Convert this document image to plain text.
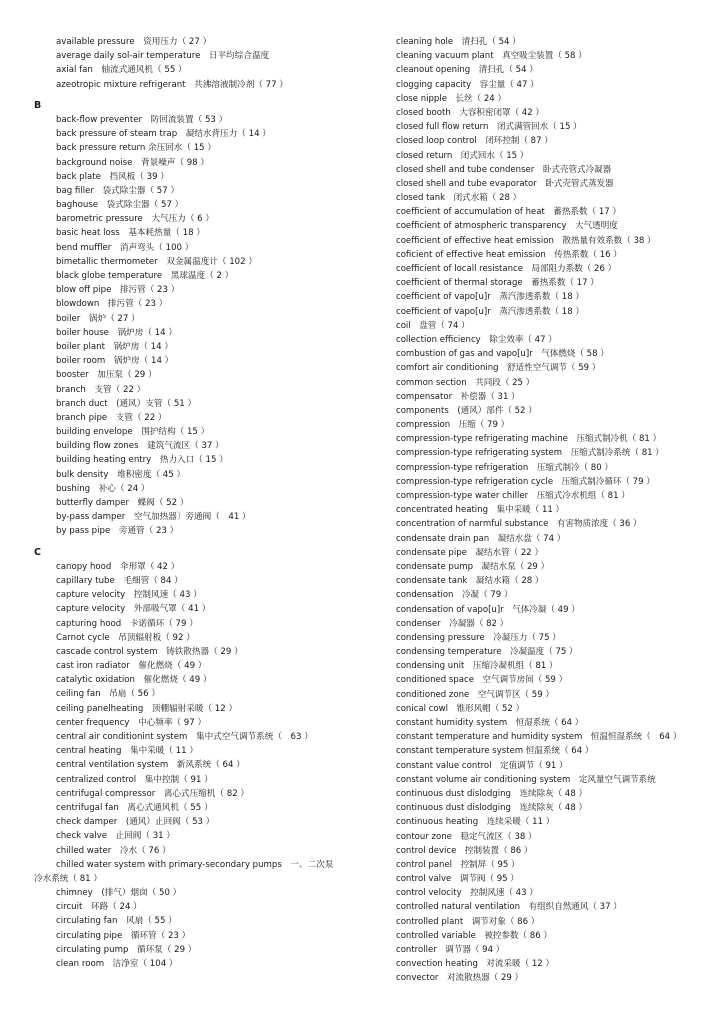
available pressure　资用压力（ 27 ）
average daily sol-air temperature　日平均综合温度
axial fan　轴流式通风机（ 55 ）
azeotropic mixture refrigerant　共沸溶液制冷剂（ 77 ）
B
back-flow preventer　防回流装置（ 53 ）
back pressure of steam trap　凝结水背压力（ 14 ）
back pressure return 余压回水（ 15 ）
background noise　背景噪声（ 98 ）
back plate　挡风板（ 39 ）
bag filler　袋式除尘器（ 57 ）
baghouse　袋式除尘器（ 57 ）
barometric pressure　大气压力（ 6 ）
basic heat loss　基本耗热量（ 18 ）
bend muffler　消声弯头（ 100 ）
bimetallic thermometer　双金属温度计（ 102 ）
black globe temperature　黑球温度（ 2 ）
blow off pipe　排污管（ 23 ）
blowdown　排污管（ 23 ）
boiler　锅炉（ 27 ）
boiler house　锅炉房（ 14 ）
boiler plant　锅炉房（ 14 ）
boiler room　锅炉房（ 14 ）
booster　加压泵（ 29 ）
branch　支管（ 22 ）
branch duct　(通风）支管（ 51 ）
branch pipe　支管（ 22 ）
building envelope　围护结构（ 15 ）
building flow zones　建筑气流区（ 37 ）
building heating entry　热力入口（ 15 ）
bulk density　堆积密度（ 45 ）
bushing　补心（ 24 ）
butterfly damper　蝶阀（ 52 ）
by-pass damper　空气加热器〕旁通阀（　41 ）
by pass pipe　旁通管（ 23 ）
C
canopy hood　伞形罩（ 42 ）
capillary tube　毛细管（ 84 ）
capture velocity　控制风速（ 43 ）
capture velocity　外部吸气罩（ 41 ）
capturing hood　卡诺循环（ 79 ）
Carnot cycle　吊顶辐射板（ 92 ）
cascade control system　铸铁散热器（ 29 ）
cast iron radiator　催化燃烧（ 49 ）
catalytic oxidation　催化燃烧（ 49 ）
ceiling fan　吊扇（ 56 ）
ceiling panelheating　顶棚辐射采暖（ 12 ）
center frequency　中心频率（ 97 ）
central air conditionint system　集中式空气调节系统（　63 ）
central heating　集中采暖（ 11 ）
central ventilation system　新风系统（ 64 ）
centralized control　集中控制（ 91 ）
centrifugal compressor　离心式压缩机（ 82 ）
centrifugal fan　离心式通风机（ 55 ）
check damper　(通风）止回阀（ 53 ）
check valve　止回阀（ 31 ）
chilled water　冷水（ 76 ）
chilled water system with primary-secondary pumps　一、二次泵
冷水系统（ 81 ）
chimney　(排气）烟囱（ 50 ）
circuit　环路（ 24 ）
circulating fan　风扇（ 55 ）
circulating pipe　循环管（ 23 ）
circulating pump　循环泵（ 29 ）
clean room　洁净室（ 104 ）
cleaning hole　清扫孔（ 54 ）
cleaning vacuum plant　真空吸尘装置（ 58 ）
cleanout opening　清扫孔（ 54 ）
clogging capacity　容尘量（ 47 ）
close nipple　长丝（ 24 ）
closed booth　大容积密闭罩（ 42 ）
closed full flow return　闭式满管回水（ 15 ）
closed loop control　闭环控制（ 87 ）
closed return　闭式回水（ 15 ）
closed shell and tube condenser　卧式壳管式冷凝器
closed shell and tube evaporator　卧式壳管式蒸发器
closed tank　闭式水箱（ 28 ）
coefficient of accumulation of heat　蓄热系数（ 17 ）
coefficient of atmospheric transparency　大气透明度
coefficient of effective heat emission　散热量有效系数（ 38 ）
coficient of effective heat emission　传热系数（ 16 ）
coefficient of locall resistance　局部阻力系数（ 26 ）
coefficient of thermal storage　蓄热系数（ 17 ）
coefficient of vapo[u]r　蒸汽渗透系数（ 18 ）
coefficient of vapo[u]r　蒸汽渗透系数（ 18 ）
coil　盘管（ 74 ）
collection efficiency　除尘效率（ 47 ）
combustion of gas and vapo[u]r　气体燃烧（ 58 ）
comfort air conditioning　舒适性空气调节（ 59 ）
common section　共同段（ 25 ）
compensator　补偿器（ 31 ）
components　(通风）部件（ 52 ）
compression　压缩（ 79 ）
compression-type refrigerating machine　压缩式制冷机（ 81 ）
compression-type refrigerating system　压缩式制冷系统（ 81 ）
compression-type refrigeration　压缩式制冷（ 80 ）
compression-type refrigeration cycle　压缩式制冷循环（ 79 ）
compression-type water chiller　压缩式冷水机组（ 81 ）
concentrated heating　集中采暖（ 11 ）
concentration of narmful substance　有害物质浓度（ 36 ）
condensate drain pan　凝结水盘（ 74 ）
condensate pipe　凝结水管（ 22 ）
condensate pump　凝结水泵（ 29 ）
condensate tank　凝结水箱（ 28 ）
condensation　冷凝（ 79 ）
condensation of vapo[u]r　气体冷凝（ 49 ）
condenser　冷凝器（ 82 ）
condensing pressure　冷凝压力（ 75 ）
condensing temperature　冷凝温度（ 75 ）
condensing unit　压缩冷凝机组（ 81 ）
conditioned space　空气调节房间（ 59 ）
conditioned zone　空气调节区（ 59 ）
conical cowl　锥形风帽（ 52 ）
constant humidity system　恒湿系统（ 64 ）
constant temperature and humidity system　恒温恒湿系统（　64 ）
constant temperature system 恒温系统（ 64 ）
constant value control　定值调节（ 91 ）
constant volume air conditioning system　定风量空气调节系统
continuous dust dislodging　连续除灰（ 48 ）
continuous dust dislodging　连续除灰（ 48 ）
continuous heating　连续采暖（ 11 ）
contour zone　稳定气流区（ 38 ）
control device　控制装置（ 86 ）
control panel　控制屏（ 95 ）
control valve　调节阀（ 95 ）
control velocity　控制风速（ 43 ）
controlled natural ventilation　有组织自然通风（ 37 ）
controlled plant　调节对象（ 86 ）
controlled variable　被控参数（ 86 ）
controller　调节器（ 94 ）
convection heating　对流采暖（ 12 ）
convector　对流散热器（ 29 ）
